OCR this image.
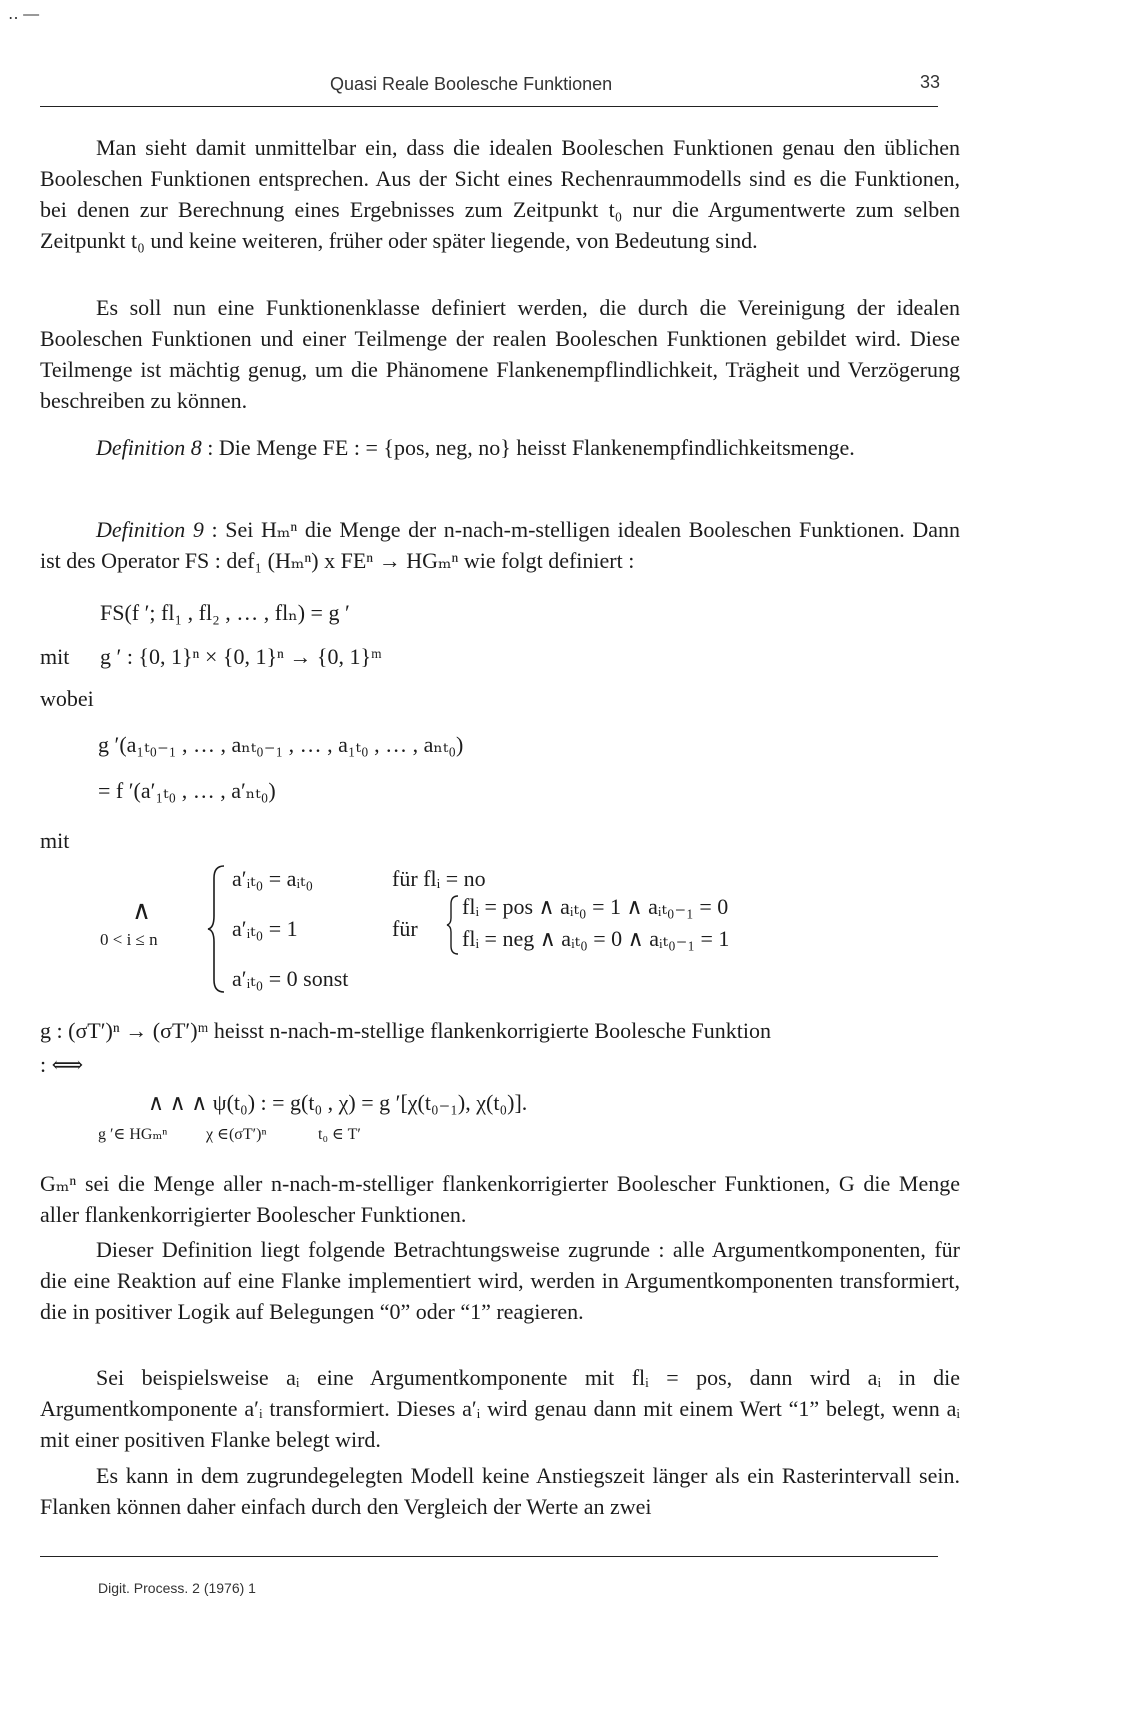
‥ —
Quasi Reale Boolesche Funktionen	33
Man sieht damit unmittelbar ein, dass die idealen Booleschen Funktionen genau den üblichen Booleschen Funktionen entsprechen. Aus der Sicht eines Rechenraummodells sind es die Funktionen, bei denen zur Berechnung eines Ergebnisses zum Zeitpunkt t₀ nur die Argumentwerte zum selben Zeitpunkt t₀ und keine weiteren, früher oder später liegende, von Bedeutung sind.
Es soll nun eine Funktionenklasse definiert werden, die durch die Vereinigung der idealen Booleschen Funktionen und einer Teilmenge der realen Booleschen Funktionen gebildet wird. Diese Teilmenge ist mächtig genug, um die Phänomene Flankenempflindlichkeit, Trägheit und Verzögerung beschreiben zu können.
Definition 8 : Die Menge FE : = {pos, neg, no} heisst Flankenempfindlichkeitsmenge.
Definition 9 : Sei Hₘⁿ die Menge der n-nach-m-stelligen idealen Booleschen Funktionen. Dann ist des Operator FS : def₁ (Hₘⁿ) x FEⁿ → HGₘⁿ wie folgt definiert :
FS(f ′; fl₁ , fl₂ , … , flₙ) = g ′
mit g ′ : {0, 1}ⁿ × {0, 1}ⁿ → {0, 1}ᵐ
wobei
g ′(a₁ₜ₀₋₁ , … , aₙₜ₀₋₁ , … , a₁ₜ₀ , … , aₙₜ₀)
= f ′(a′₁ₜ₀ , … , a′ₙₜ₀)
mit
∧
0 < i ≤ n
a′ᵢₜ₀ = aᵢₜ₀	für flᵢ = no
a′ᵢₜ₀ = 1	für
flᵢ = pos ∧ aᵢₜ₀ = 1 ∧ aᵢₜ₀₋₁ = 0
flᵢ = neg ∧ aᵢₜ₀ = 0 ∧ aᵢₜ₀₋₁ = 1
a′ᵢₜ₀ = 0 sonst
g : (σT′)ⁿ → (σT′)ᵐ heisst n-nach-m-stellige flankenkorrigierte Boolesche Funktion
: ⟺
∧ ∧ ∧ ψ(t₀) : = g(t₀ , χ) = g ′[χ(t₀₋₁), χ(t₀)].
g ′∈ HGₘⁿ χ ∈(σT′)ⁿ	t₀ ∈ T′
Gₘⁿ sei die Menge aller n-nach-m-stelliger flankenkorrigierter Boolescher Funktionen, G die Menge aller flankenkorrigierter Boolescher Funktionen.
Dieser Definition liegt folgende Betrachtungsweise zugrunde : alle Argumentkomponenten, für die eine Reaktion auf eine Flanke implementiert wird, werden in Argumentkomponenten transformiert, die in positiver Logik auf Belegungen “0” oder “1” reagieren.
Sei beispielsweise aᵢ eine Argumentkomponente mit flᵢ = pos, dann wird aᵢ in die Argumentkomponente a′ᵢ transformiert. Dieses a′ᵢ wird genau dann mit einem Wert “1” belegt, wenn aᵢ mit einer positiven Flanke belegt wird.
Es kann in dem zugrundegelegten Modell keine Anstiegszeit länger als ein Rasterintervall sein. Flanken können daher einfach durch den Vergleich der Werte an zwei
Digit. Process. 2 (1976) 1
